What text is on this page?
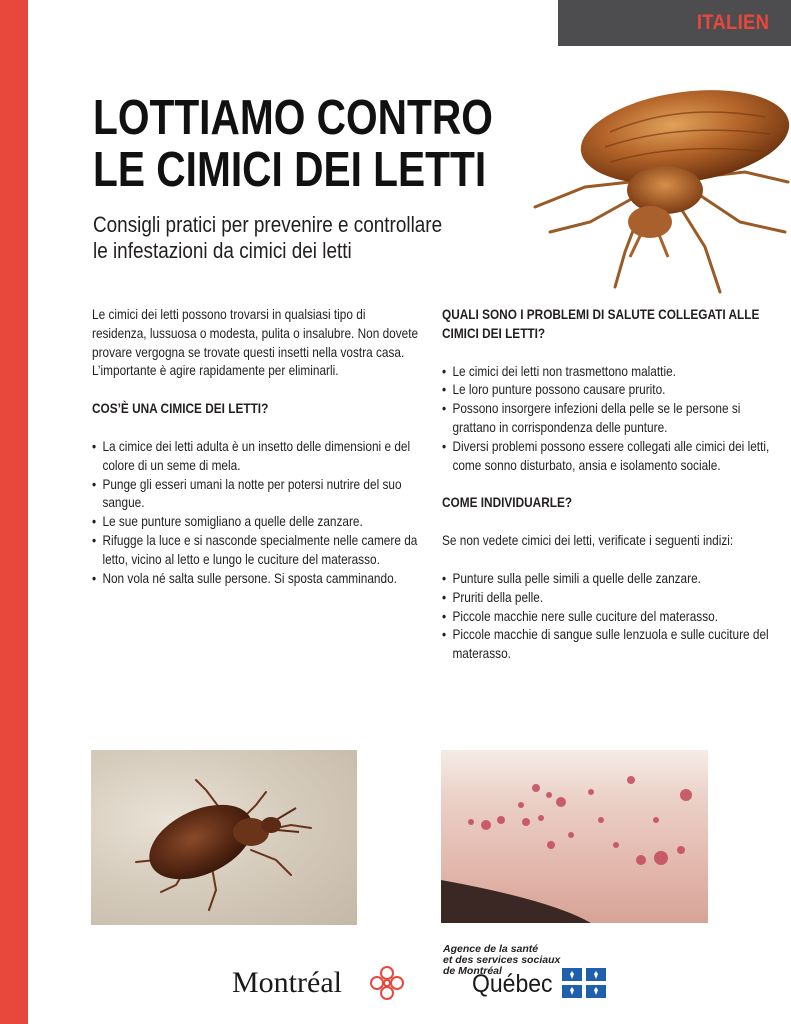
ITALIEN
LOTTIAMO CONTRO
LE CIMICI DEI LETTI
Consigli pratici per prevenire e controllare
le infestazioni da cimici dei letti

Le cimici dei letti possono trovarsi in qualsiasi tipo di residenza, lussuosa o modesta, pulita o insalubre. Non dovete provare vergogna se trovate questi insetti nella vostra casa. L’importante è agire rapidamente per eliminarli.

COS’È UNA CIMICE DEI LETTI?
• La cimice dei letti adulta è un insetto delle dimensioni e del colore di un seme di mela.
• Punge gli esseri umani la notte per potersi nutrire del suo sangue.
• Le sue punture somigliano a quelle delle zanzare.
• Rifugge la luce e si nasconde specialmente nelle camere da letto, vicino al letto e lungo le cuciture del materasso.
• Non vola né salta sulle persone. Si sposta camminando.
QUALI SONO I PROBLEMI DI SALUTE COLLEGATI ALLE CIMICI DEI LETTI?
• Le cimici dei letti non trasmettono malattie.
• Le loro punture possono causare prurito.
• Possono insorgere infezioni della pelle se le persone si grattano in corrispondenza delle punture.
• Diversi problemi possono essere collegati alle cimici dei letti, come sonno disturbato, ansia e isolamento sociale.
COME INDIVIDUARLE?

Se non vedete cimici dei letti, verificate i seguenti indizi:

• Punture sulla pelle simili a quelle delle zanzare.
• Pruriti della pelle.
• Piccole macchie nere sulle cuciture del materasso.
• Piccole macchie di sangue sulle lenzuola e sulle cuciture del materasso.
Montréal
Agence de la santé
et des services sociaux
de Montréal
Québec
